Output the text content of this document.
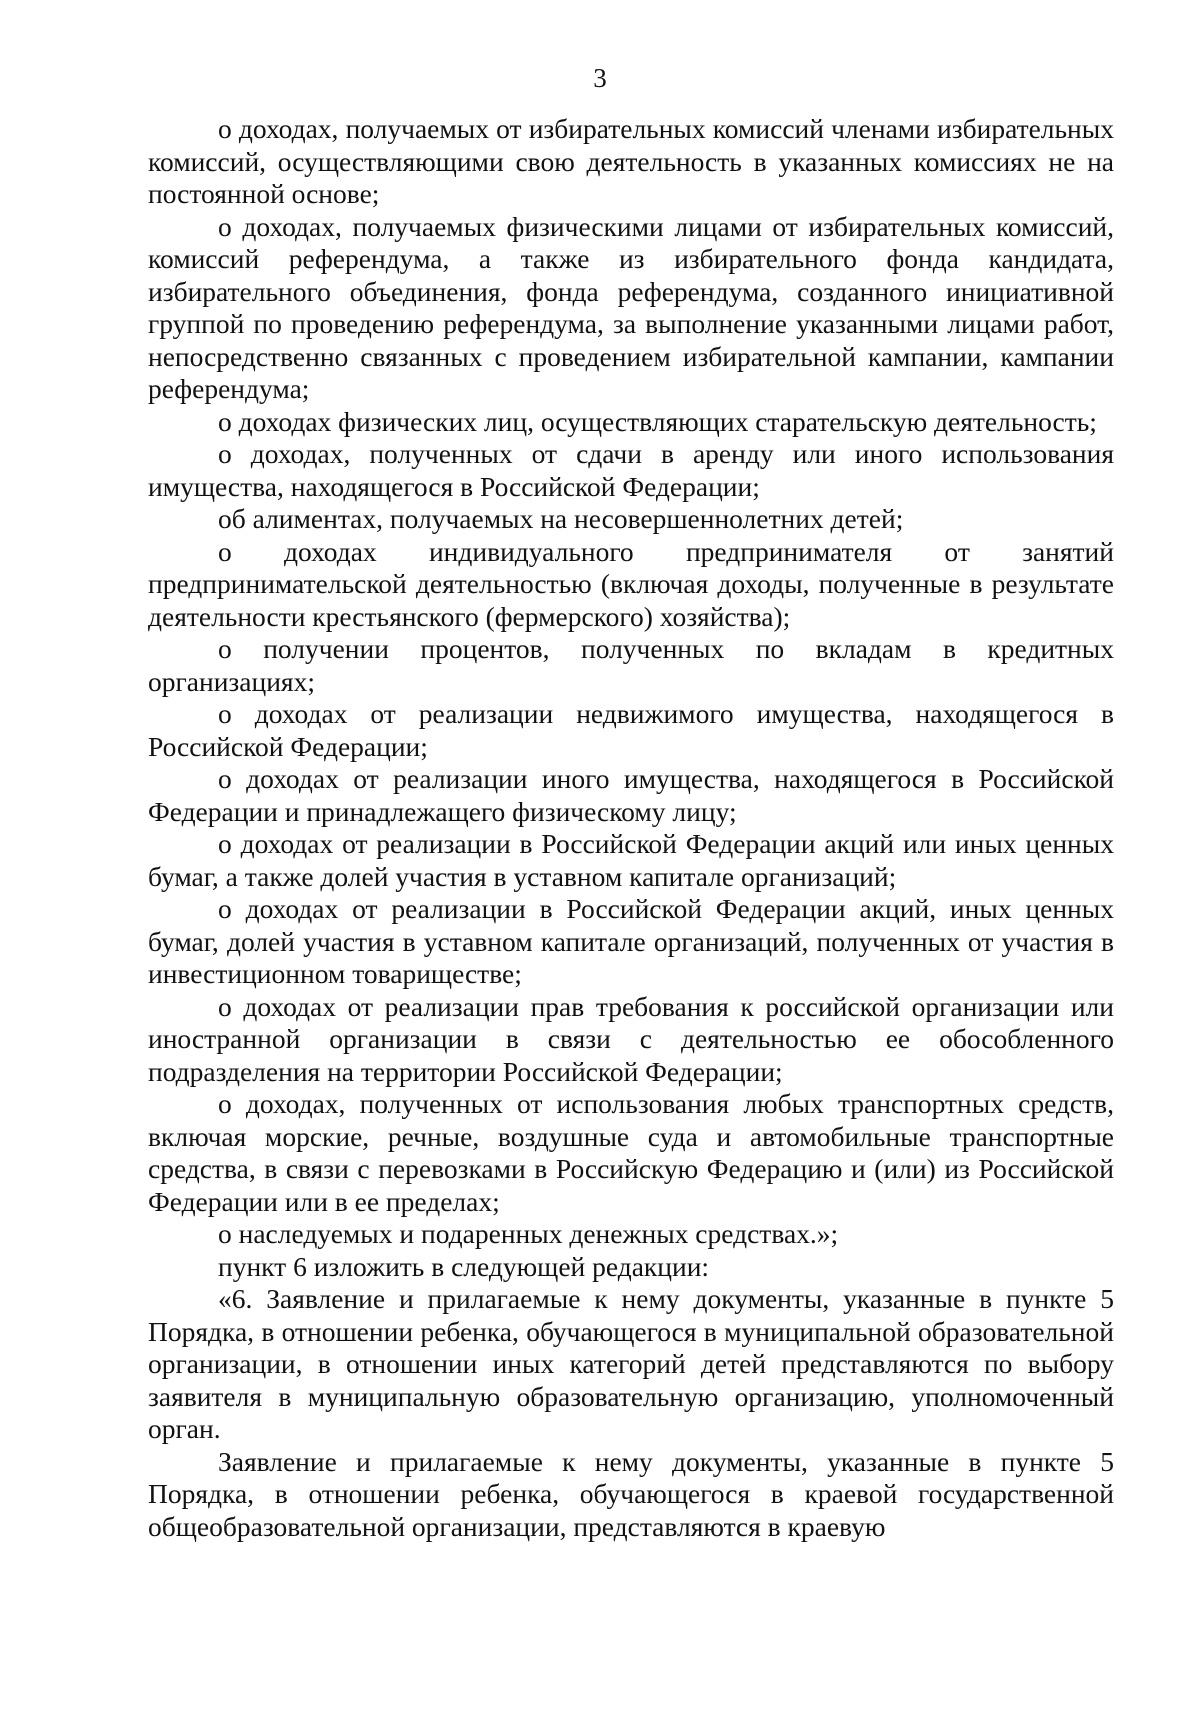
3

о доходах, получаемых от избирательных комиссий членами избирательных комиссий, осуществляющими свою деятельность в указанных комиссиях не на постоянной основе;

о доходах, получаемых физическими лицами от избирательных комиссий, комиссий референдума, а также из избирательного фонда кандидата, избирательного объединения, фонда референдума, созданного инициативной группой по проведению референдума, за выполнение указанными лицами работ, непосредственно связанных с проведением избирательной кампании, кампании референдума;

о доходах физических лиц, осуществляющих старательскую деятельность;

о доходах, полученных от сдачи в аренду или иного использования имущества, находящегося в Российской Федерации;

об алиментах, получаемых на несовершеннолетних детей;

о доходах индивидуального предпринимателя от занятий предпринимательской деятельностью (включая доходы, полученные в результате деятельности крестьянского (фермерского) хозяйства);

о получении процентов, полученных по вкладам в кредитных организациях;

о доходах от реализации недвижимого имущества, находящегося в Российской Федерации;

о доходах от реализации иного имущества, находящегося в Российской Федерации и принадлежащего физическому лицу;

о доходах от реализации в Российской Федерации акций или иных ценных бумаг, а также долей участия в уставном капитале организаций;

о доходах от реализации в Российской Федерации акций, иных ценных бумаг, долей участия в уставном капитале организаций, полученных от участия в инвестиционном товариществе;

о доходах от реализации прав требования к российской организации или иностранной организации в связи с деятельностью ее обособленного подразделения на территории Российской Федерации;

о доходах, полученных от использования любых транспортных средств, включая морские, речные, воздушные суда и автомобильные транспортные средства, в связи с перевозками в Российскую Федерацию и (или) из Российской Федерации или в ее пределах;

о наследуемых и подаренных денежных средствах.»;

пункт 6 изложить в следующей редакции:

«6. Заявление и прилагаемые к нему документы, указанные в пункте 5 Порядка, в отношении ребенка, обучающегося в муниципальной образовательной организации, в отношении иных категорий детей представляются по выбору заявителя в муниципальную образовательную организацию, уполномоченный орган.

Заявление и прилагаемые к нему документы, указанные в пункте 5 Порядка, в отношении ребенка, обучающегося в краевой государственной общеобразовательной организации, представляются в краевую
